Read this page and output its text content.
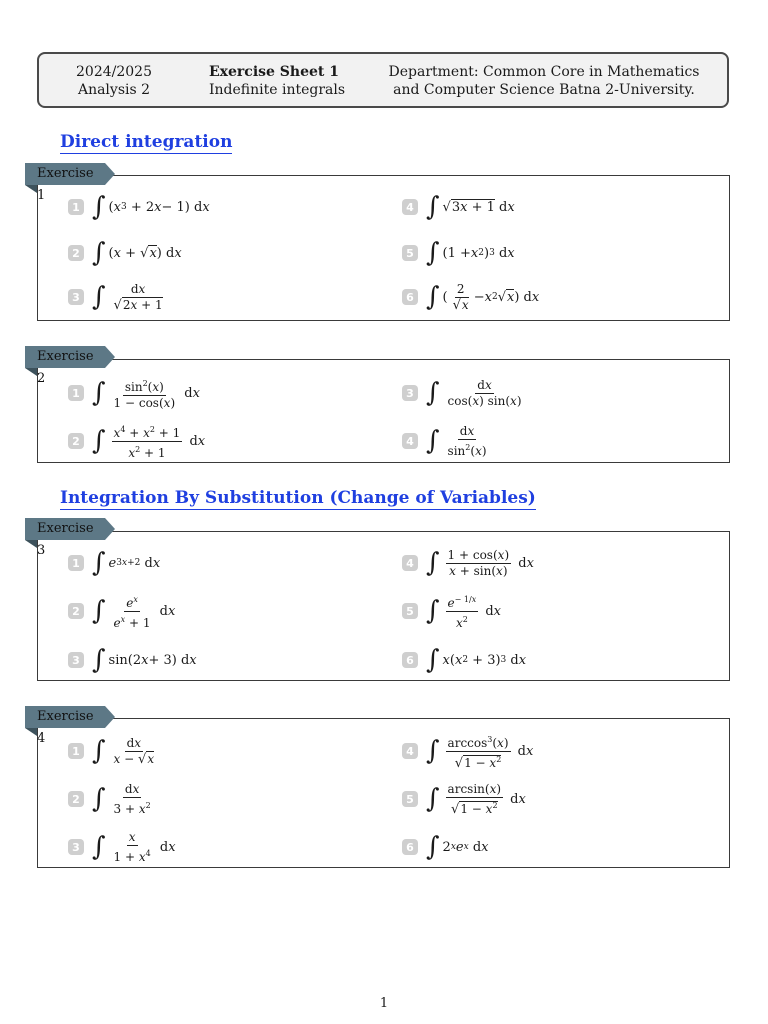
2024/2025
Analysis 2
Exercise Sheet 1
Indefinite integrals
Department: Common Core in Mathematics
and Computer Science Batna 2-University.
Direct integration
1 ∫ ( x 3 + 2 x − 1) d x
2 ∫ ( x + √ x ) d x
3 ∫ $\frac{dx}{√2x + 1}$
4 ∫ √ 3x + 1 d x
5 ∫ (1 + x 2 ) 3 d x
6 ∫ ( $\frac{2}{√x} - x$ 2 √ x ) d x
Exercise 1
1 ∫ $\frac{\sin^2(x)}{1 - \cos(x)}$ dx
2 ∫ $\frac{x^4 + x^2 + 1}{x^2 + 1}$ dx
3 ∫ $\frac{dx}{\cos(x) \sin(x)}$
4 ∫ $\frac{dx}{\sin^2(x)}$
Exercise 2
Integration By Substitution (Change of Variables)
1 ∫ e 3x+2 d x
2 ∫ $\frac{e^x}{e^x + 1}$ dx
3 ∫ sin(2 x + 3) d x
4 ∫ $\frac{1 + \cos(x)}{x + \sin(x)}$ dx
5 ∫ $\frac{e^{- 1/x}}{x^2}$ dx
6 ∫ x ( x 2 + 3) 3 d x
Exercise 3
1 ∫ $\frac{dx}{x - √x}$
2 ∫ $\frac{dx}{3 + x^2}$
3 ∫ $\frac{x}{1 + x^4}$ dx
4 ∫ $\frac{\arccos^3(x)}{√1 - x^2}$ dx
5 ∫ $\frac{\arcsin(x)}{√1 - x^2}$ dx
6 ∫ 2 x e x d x
Exercise 4
1
